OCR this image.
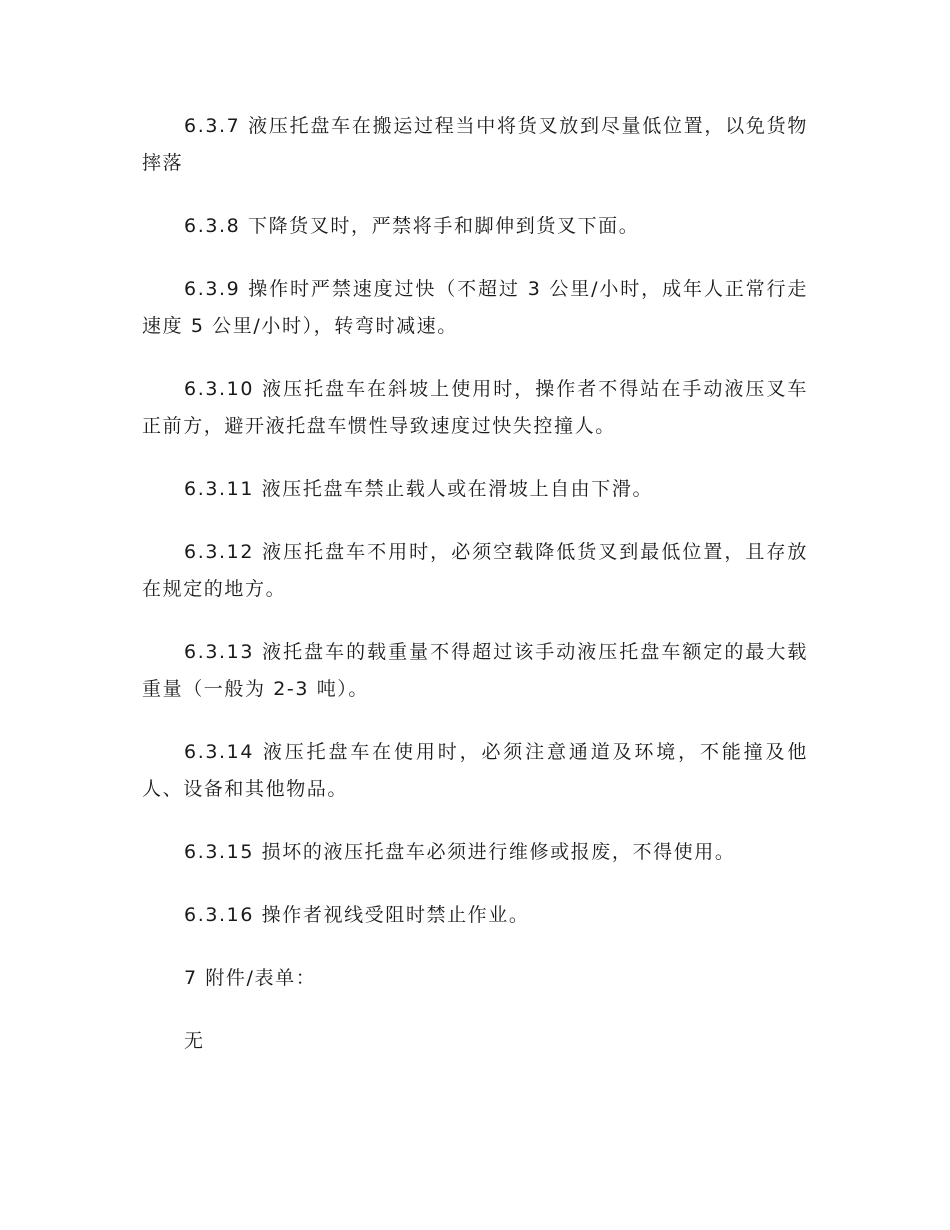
6.3.7 液压托盘车在搬运过程当中将货叉放到尽量低位置，以免货物摔落

6.3.8 下降货叉时，严禁将手和脚伸到货叉下面。

6.3.9 操作时严禁速度过快（不超过 3 公里/小时，成年人正常行走速度 5 公里/小时），转弯时减速。

6.3.10 液压托盘车在斜坡上使用时，操作者不得站在手动液压叉车正前方，避开液托盘车惯性导致速度过快失控撞人。

6.3.11 液压托盘车禁止载人或在滑坡上自由下滑。

6.3.12 液压托盘车不用时，必须空载降低货叉到最低位置，且存放在规定的地方。

6.3.13 液托盘车的载重量不得超过该手动液压托盘车额定的最大载重量（一般为 2-3 吨）。

6.3.14 液压托盘车在使用时，必须注意通道及环境，不能撞及他人、设备和其他物品。

6.3.15 损坏的液压托盘车必须进行维修或报废，不得使用。

6.3.16 操作者视线受阻时禁止作业。

7 附件/表单：

无
